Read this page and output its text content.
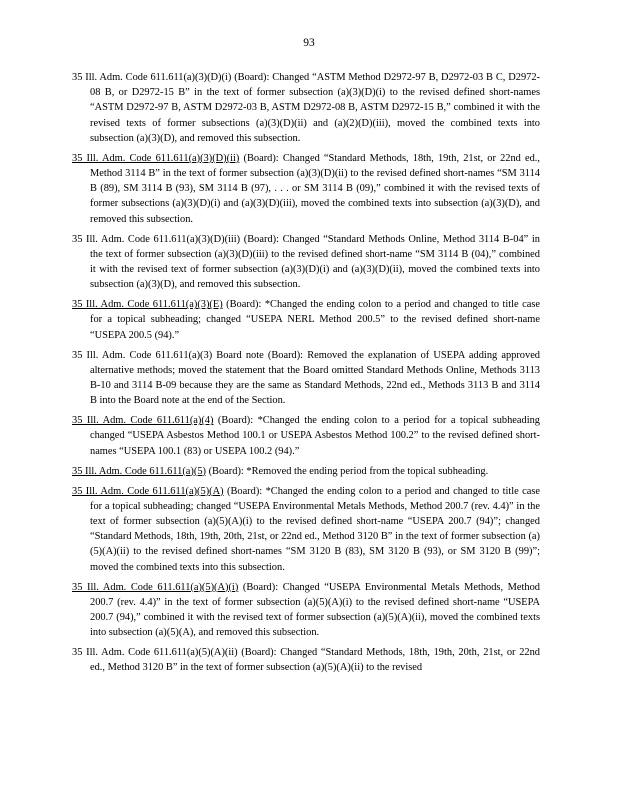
93

35 Ill. Adm. Code 611.611(a)(3)(D)(i) (Board): Changed “ASTM Method D2972-97 B, D2972-03 B C, D2972-08 B, or D2972-15 B” in the text of former subsection (a)(3)(D)(i) to the revised defined short-names “ASTM D2972-97 B, ASTM D2972-03 B, ASTM D2972-08 B, ASTM D2972-15 B,” combined it with the revised texts of former subsections (a)(3)(D)(ii) and (a)(2)(D)(iii), moved the combined texts into subsection (a)(3)(D), and removed this subsection.

35 Ill. Adm. Code 611.611(a)(3)(D)(ii) (Board): Changed “Standard Methods, 18th, 19th, 21st, or 22nd ed., Method 3114 B” in the text of former subsection (a)(3)(D)(ii) to the revised defined short-names “SM 3114 B (89), SM 3114 B (93), SM 3114 B (97), . . . or SM 3114 B (09),” combined it with the revised texts of former subsections (a)(3)(D)(i) and (a)(3)(D)(iii), moved the combined texts into subsection (a)(3)(D), and removed this subsection.

35 Ill. Adm. Code 611.611(a)(3)(D)(iii) (Board): Changed “Standard Methods Online, Method 3114 B-04” in the text of former subsection (a)(3)(D)(iii) to the revised defined short-name “SM 3114 B (04),” combined it with the revised text of former subsection (a)(3)(D)(i) and (a)(3)(D)(ii), moved the combined texts into subsection (a)(3)(D), and removed this subsection.

35 Ill. Adm. Code 611.611(a)(3)(E) (Board): *Changed the ending colon to a period and changed to title case for a topical subheading; changed “USEPA NERL Method 200.5” to the revised defined short-name “USEPA 200.5 (94).”

35 Ill. Adm. Code 611.611(a)(3) Board note (Board): Removed the explanation of USEPA adding approved alternative methods; moved the statement that the Board omitted Standard Methods Online, Methods 3113 B-10 and 3114 B-09 because they are the same as Standard Methods, 22nd ed., Methods 3113 B and 3114 B into the Board note at the end of the Section.

35 Ill. Adm. Code 611.611(a)(4) (Board): *Changed the ending colon to a period for a topical subheading changed “USEPA Asbestos Method 100.1 or USEPA Asbestos Method 100.2” to the revised defined short-names “USEPA 100.1 (83) or USEPA 100.2 (94).”

35 Ill. Adm. Code 611.611(a)(5) (Board): *Removed the ending period from the topical subheading.

35 Ill. Adm. Code 611.611(a)(5)(A) (Board): *Changed the ending colon to a period and changed to title case for a topical subheading; changed “USEPA Environmental Metals Methods, Method 200.7 (rev. 4.4)” in the text of former subsection (a)(5)(A)(i) to the revised defined short-name “USEPA 200.7 (94)”; changed “Standard Methods, 18th, 19th, 20th, 21st, or 22nd ed., Method 3120 B” in the text of former subsection (a)(5)(A)(ii) to the revised defined short-names “SM 3120 B (83), SM 3120 B (93), or SM 3120 B (99)”; moved the combined texts into this subsection.

35 Ill. Adm. Code 611.611(a)(5)(A)(i) (Board): Changed “USEPA Environmental Metals Methods, Method 200.7 (rev. 4.4)” in the text of former subsection (a)(5)(A)(i) to the revised defined short-name “USEPA 200.7 (94),” combined it with the revised text of former subsection (a)(5)(A)(ii), moved the combined texts into subsection (a)(5)(A), and removed this subsection.

35 Ill. Adm. Code 611.611(a)(5)(A)(ii) (Board): Changed “Standard Methods, 18th, 19th, 20th, 21st, or 22nd ed., Method 3120 B” in the text of former subsection (a)(5)(A)(ii) to the revised
